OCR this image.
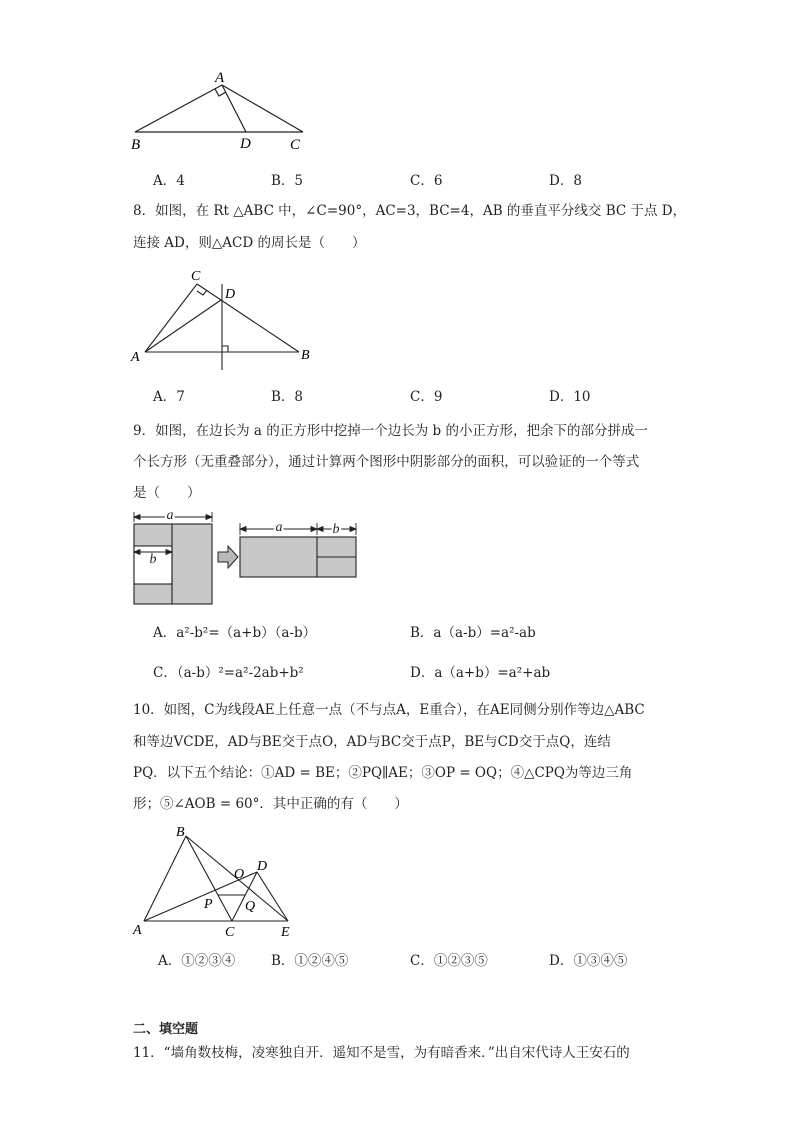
A
B	D	C
A．4	B．5	C．6	D．8
8．如图，在 Rt △ABC 中，∠C=90°，AC=3，BC=4，AB 的垂直平分线交 BC 于点 D，
连接 AD，则△ACD 的周长是（　　）
C
D
A	B
A．7	B．8	C．9	D．10
9．如图，在边长为 a 的正方形中挖掉一个边长为 b 的小正方形，把余下的部分拼成一
个长方形（无重叠部分），通过计算两个图形中阴影部分的面积，可以验证的一个等式
是（　　）
a
b
a	b
A．a²-b²=（a+b）（a-b）	B．a（a-b）=a²-ab
C．（a-b）²=a²-2ab+b²	D．a（a+b）=a²+ab
10．如图，C为线段AE上任意一点（不与点A，E重合），在AE同侧分别作等边△ABC
和等边VCDE，AD与BE交于点O，AD与BC交于点P，BE与CD交于点Q，连结
PQ．以下五个结论：①AD = BE；②PQ∥AE；③OP = OQ；④△CPQ为等边三角
形；⑤∠AOB = 60°．其中正确的有（　　）
B
O
D
P Q
A	C	E
A．①②③④	B．①②④⑤	C．①②③⑤	D．①③④⑤
二、填空题
11．“墙角数枝梅，凌寒独自开．遥知不是雪，为有暗香来．”出自宋代诗人王安石的
